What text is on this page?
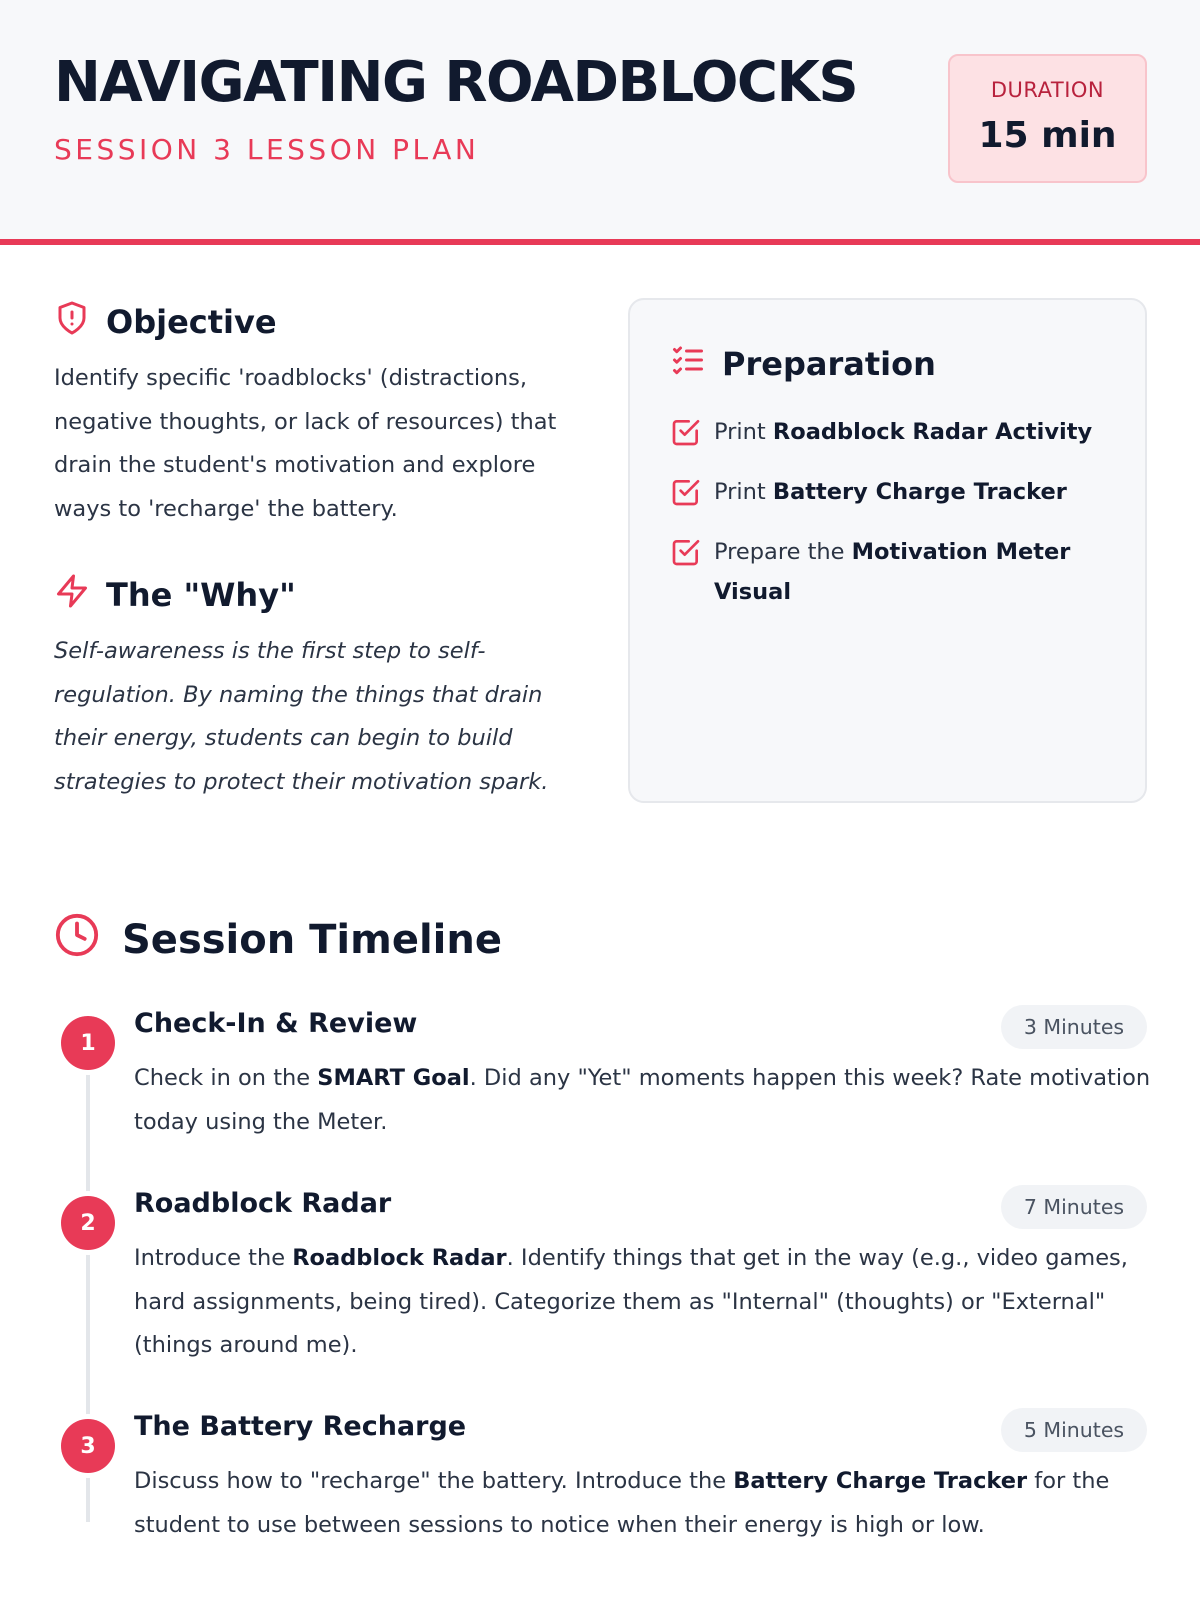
NAVIGATING ROADBLOCKS
SESSION 3 LESSON PLAN
DURATION
15 min
Objective

Identify specific 'roadblocks' (distractions, negative thoughts, or lack of resources) that drain the student's motivation and explore ways to 'recharge' the battery.

The "Why"

Self-awareness is the first step to self-regulation. By naming the things that drain their energy, students can begin to build strategies to protect their motivation spark.

Preparation
Print Roadblock Radar Activity
Print Battery Charge Tracker
Prepare the Motivation Meter Visual
Session Timeline
1
Check-In & Review	3 Minutes

Check in on the SMART Goal. Did any "Yet" moments happen this week? Rate motivation today using the Meter.

2
Roadblock Radar	7 Minutes

Introduce the Roadblock Radar. Identify things that get in the way (e.g., video games, hard assignments, being tired). Categorize them as "Internal" (thoughts) or "External" (things around me).

3
The Battery Recharge	5 Minutes

Discuss how to "recharge" the battery. Introduce the Battery Charge Tracker for the student to use between sessions to notice when their energy is high or low.
